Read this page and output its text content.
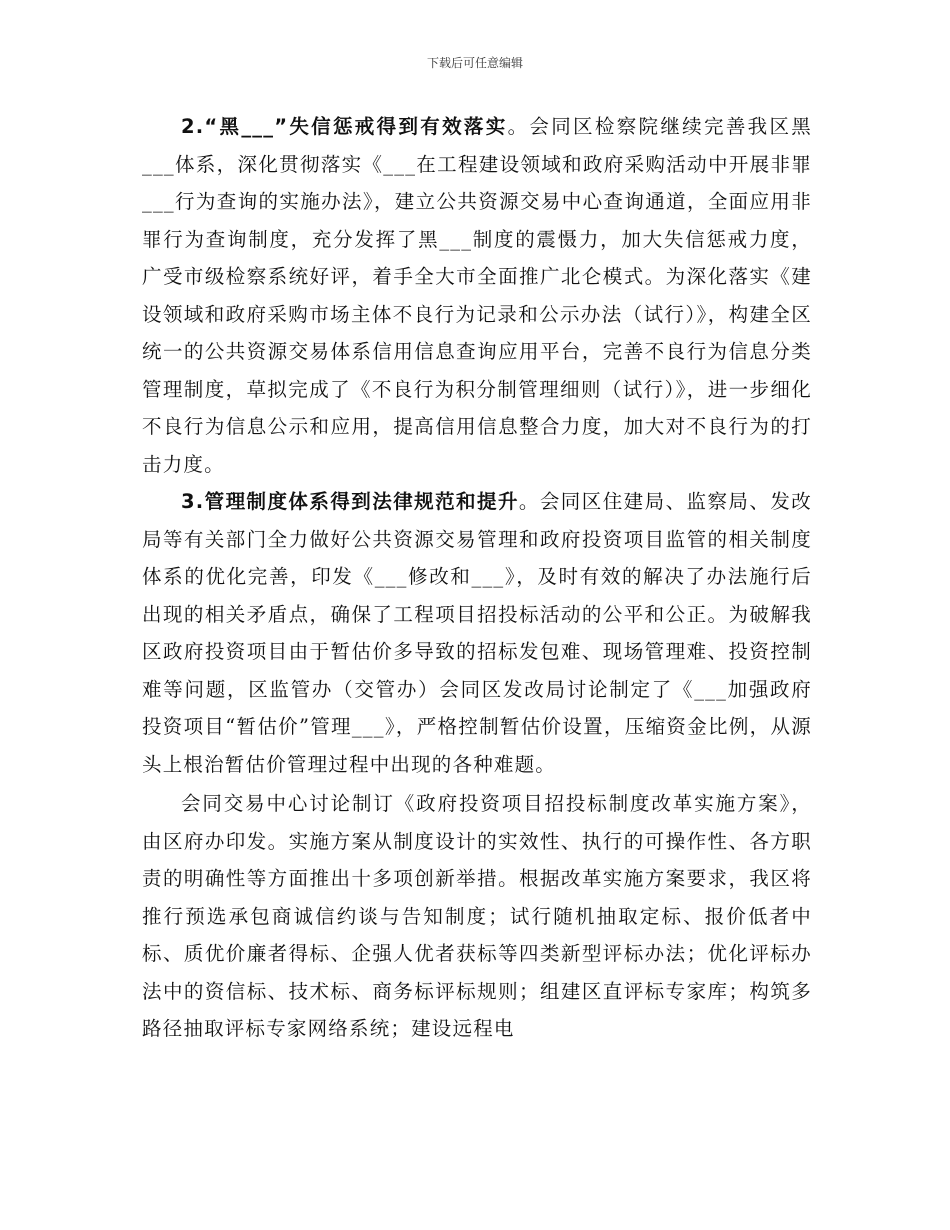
下载后可任意编辑

2.“黑___”失信惩戒得到有效落实。会同区检察院继续完善我区黑___体系，深化贯彻落实《___在工程建设领域和政府采购活动中开展非罪___行为查询的实施办法》，建立公共资源交易中心查询通道，全面应用非罪行为查询制度，充分发挥了黑___制度的震慑力，加大失信惩戒力度，广受市级检察系统好评，着手全大市全面推广北仑模式。为深化落实《建设领域和政府采购市场主体不良行为记录和公示办法（试行）》，构建全区统一的公共资源交易体系信用信息查询应用平台，完善不良行为信息分类管理制度，草拟完成了《不良行为积分制管理细则（试行）》，进一步细化不良行为信息公示和应用，提高信用信息整合力度，加大对不良行为的打击力度。

3.管理制度体系得到法律规范和提升。会同区住建局、监察局、发改局等有关部门全力做好公共资源交易管理和政府投资项目监管的相关制度体系的优化完善，印发《___修改和___》，及时有效的解决了办法施行后出现的相关矛盾点，确保了工程项目招投标活动的公平和公正。为破解我区政府投资项目由于暂估价多导致的招标发包难、现场管理难、投资控制难等问题，区监管办（交管办）会同区发改局讨论制定了《___加强政府投资项目“暂估价”管理___》，严格控制暂估价设置，压缩资金比例，从源头上根治暂估价管理过程中出现的各种难题。

会同交易中心讨论制订《政府投资项目招投标制度改革实施方案》，由区府办印发。实施方案从制度设计的实效性、执行的可操作性、各方职责的明确性等方面推出十多项创新举措。根据改革实施方案要求，我区将推行预选承包商诚信约谈与告知制度；试行随机抽取定标、报价低者中标、质优价廉者得标、企强人优者获标等四类新型评标办法；优化评标办法中的资信标、技术标、商务标评标规则；组建区直评标专家库；构筑多路径抽取评标专家网络系统；建设远程电
